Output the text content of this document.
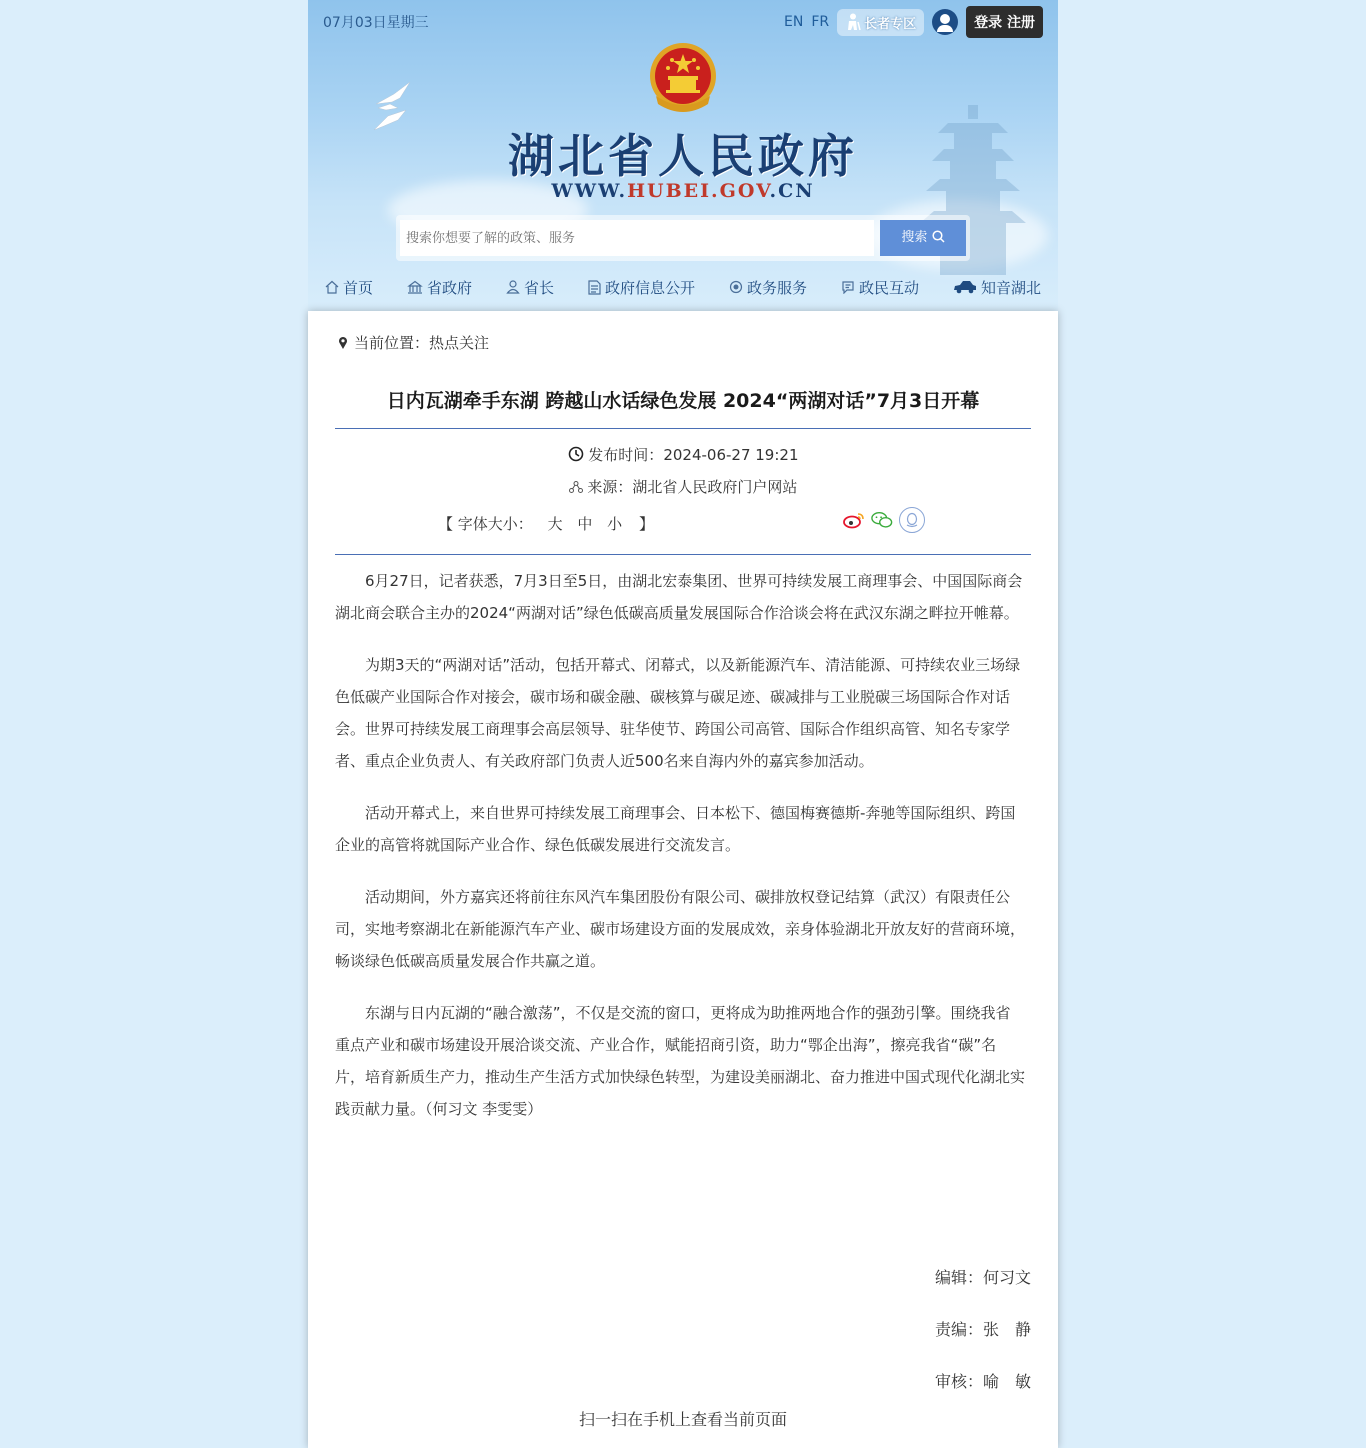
07月03日星期三	EN FR	长者专区	登录 注册
湖北省人民政府
WWW.HUBEI.GOV.CN
搜索你想要了解的政策、服务
搜索
首页	省政府	省长	政府信息公开	政务服务	政民互动	知音湖北
当前位置： 热点关注
日内瓦湖牵手东湖 跨越山水话绿色发展 2024“两湖对话”7月3日开幕
发布时间：2024-06-27 19:21
来源：湖北省人民政府门户网站
【 字体大小： 大 中 小 】

6月27日，记者获悉，7月3日至5日，由湖北宏泰集团、世界可持续发展工商理事会、中国国际商会湖北商会联合主办的2024“两湖对话”绿色低碳高质量发展国际合作洽谈会将在武汉东湖之畔拉开帷幕。

为期3天的“两湖对话”活动，包括开幕式、闭幕式，以及新能源汽车、清洁能源、可持续农业三场绿色低碳产业国际合作对接会，碳市场和碳金融、碳核算与碳足迹、碳减排与工业脱碳三场国际合作对话会。世界可持续发展工商理事会高层领导、驻华使节、跨国公司高管、国际合作组织高管、知名专家学者、重点企业负责人、有关政府部门负责人近500名来自海内外的嘉宾参加活动。

活动开幕式上，来自世界可持续发展工商理事会、日本松下、德国梅赛德斯-奔驰等国际组织、跨国企业的高管将就国际产业合作、绿色低碳发展进行交流发言。

活动期间，外方嘉宾还将前往东风汽车集团股份有限公司、碳排放权登记结算（武汉）有限责任公司，实地考察湖北在新能源汽车产业、碳市场建设方面的发展成效，亲身体验湖北开放友好的营商环境，畅谈绿色低碳高质量发展合作共赢之道。

东湖与日内瓦湖的“融合激荡”，不仅是交流的窗口，更将成为助推两地合作的强劲引擎。围绕我省重点产业和碳市场建设开展洽谈交流、产业合作，赋能招商引资，助力“鄂企出海”，擦亮我省“碳”名片，培育新质生产力，推动生产生活方式加快绿色转型，为建设美丽湖北、奋力推进中国式现代化湖北实践贡献力量。（何习文 李雯雯）

编辑：何习文
责编：张　静
审核：喻　敏
扫一扫在手机上查看当前页面
